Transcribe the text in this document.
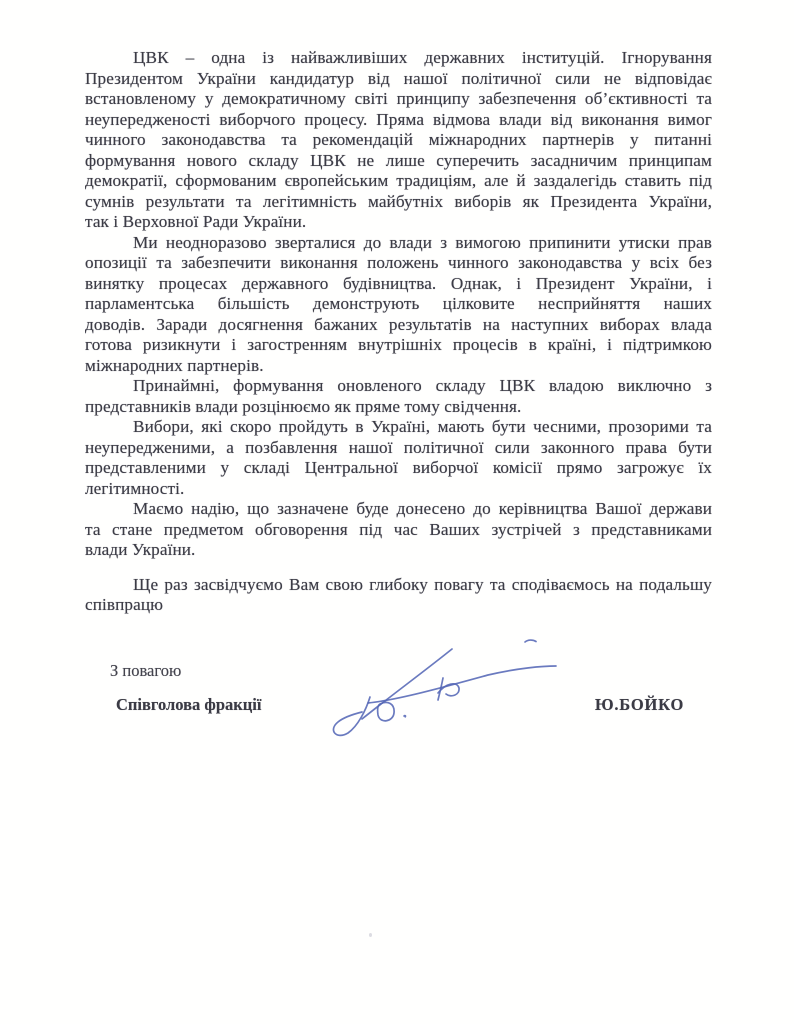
ЦВК – одна із найважливіших державних інституцій. Ігнорування
Президентом України кандидатур від нашої політичної сили не відповідає
встановленому у демократичному світі принципу забезпечення об’єктивності та
неупередженості виборчого процесу. Пряма відмова влади від виконання вимог
чинного законодавства та рекомендацій міжнародних партнерів у питанні
формування нового складу ЦВК не лише суперечить засадничим принципам
демократії, сформованим європейським традиціям, але й заздалегідь ставить під
сумнів результати та легітимність майбутніх виборів як Президента України,
так і Верховної Ради України.
Ми неодноразово зверталися до влади з вимогою припинити утиски прав
опозиції та забезпечити виконання положень чинного законодавства у всіх без
винятку процесах державного будівництва. Однак, і Президент України, і
парламентська більшість демонструють цілковите несприйняття наших
доводів. Заради досягнення бажаних результатів на наступних виборах влада
готова ризикнути і загостренням внутрішніх процесів в країні, і підтримкою
міжнародних партнерів.
Принаймні, формування оновленого складу ЦВК владою виключно з
представників влади розцінюємо як пряме тому свідчення.
Вибори, які скоро пройдуть в Україні, мають бути чесними, прозорими та
неупередженими, а позбавлення нашої політичної сили законного права бути
представленими у складі Центральної виборчої комісії прямо загрожує їх
легітимності.
Маємо надію, що зазначене буде донесено до керівництва Вашої держави
та стане предметом обговорення під час Ваших зустрічей з представниками
влади України.
Ще раз засвідчуємо Вам свою глибоку повагу та сподіваємось на подальшу
співпрацю
З повагою
Співголова фракції	Ю.БОЙКО
